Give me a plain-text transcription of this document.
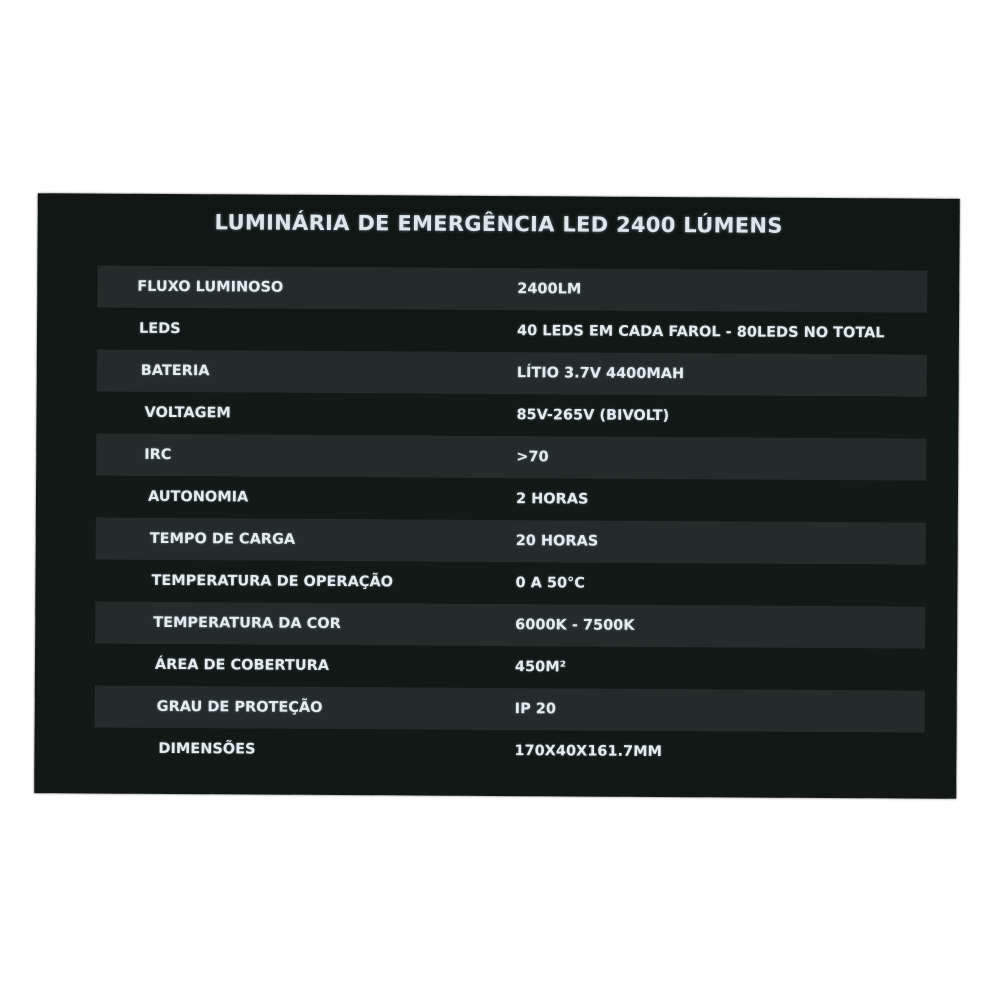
LUMINÁRIA DE EMERGÊNCIA LED 2400 LÚMENS
FLUXO LUMINOSO	2400LM
LEDS	40 LEDS EM CADA FAROL - 80LEDS NO TOTAL
BATERIA	LÍTIO 3.7V 4400MAH
VOLTAGEM	85V-265V (BIVOLT)
IRC	>70
AUTONOMIA	2 HORAS
TEMPO DE CARGA	20 HORAS
TEMPERATURA DE OPERAÇÃO	0 A 50°C
TEMPERATURA DA COR	6000K - 7500K
ÁREA DE COBERTURA	450M²
GRAU DE PROTEÇÃO	IP 20
DIMENSÕES	170X40X161.7MM
